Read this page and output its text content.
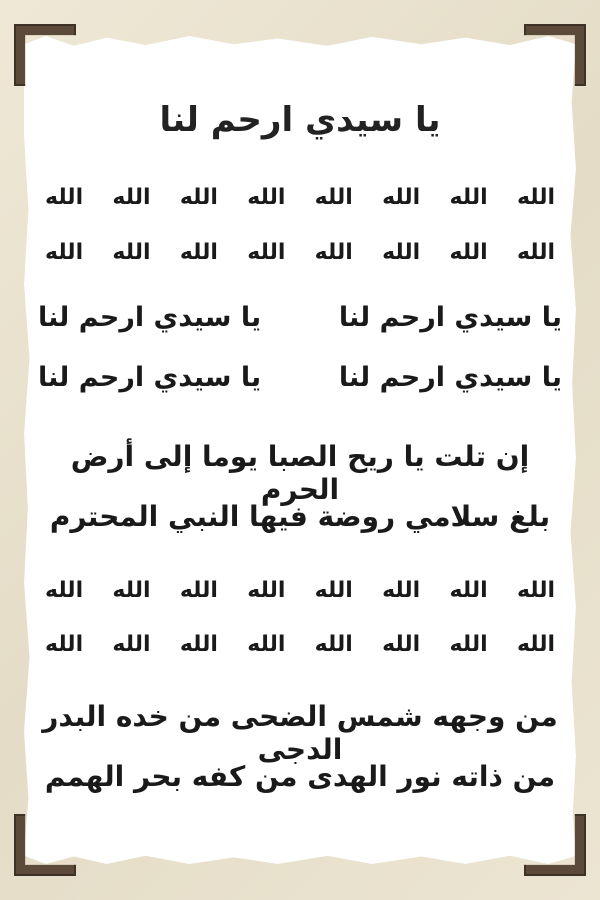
يا سيدي ارحم لنا
الله
الله
الله
الله
الله
الله
الله
الله
الله
الله
الله
الله
الله
الله
الله
الله
يا سيدي ارحم لنا
يا سيدي ارحم لنا
يا سيدي ارحم لنا
يا سيدي ارحم لنا
إن تلت يا ريح الصبا يوما إلى أرض الحرم
بلغ سلامي روضة فيها النبي المحترم
الله
الله
الله
الله
الله
الله
الله
الله
الله
الله
الله
الله
الله
الله
الله
الله
من وجهه شمس الضحى من خده البدر الدجى
من ذاته نور الهدى من كفه بحر الهمم
